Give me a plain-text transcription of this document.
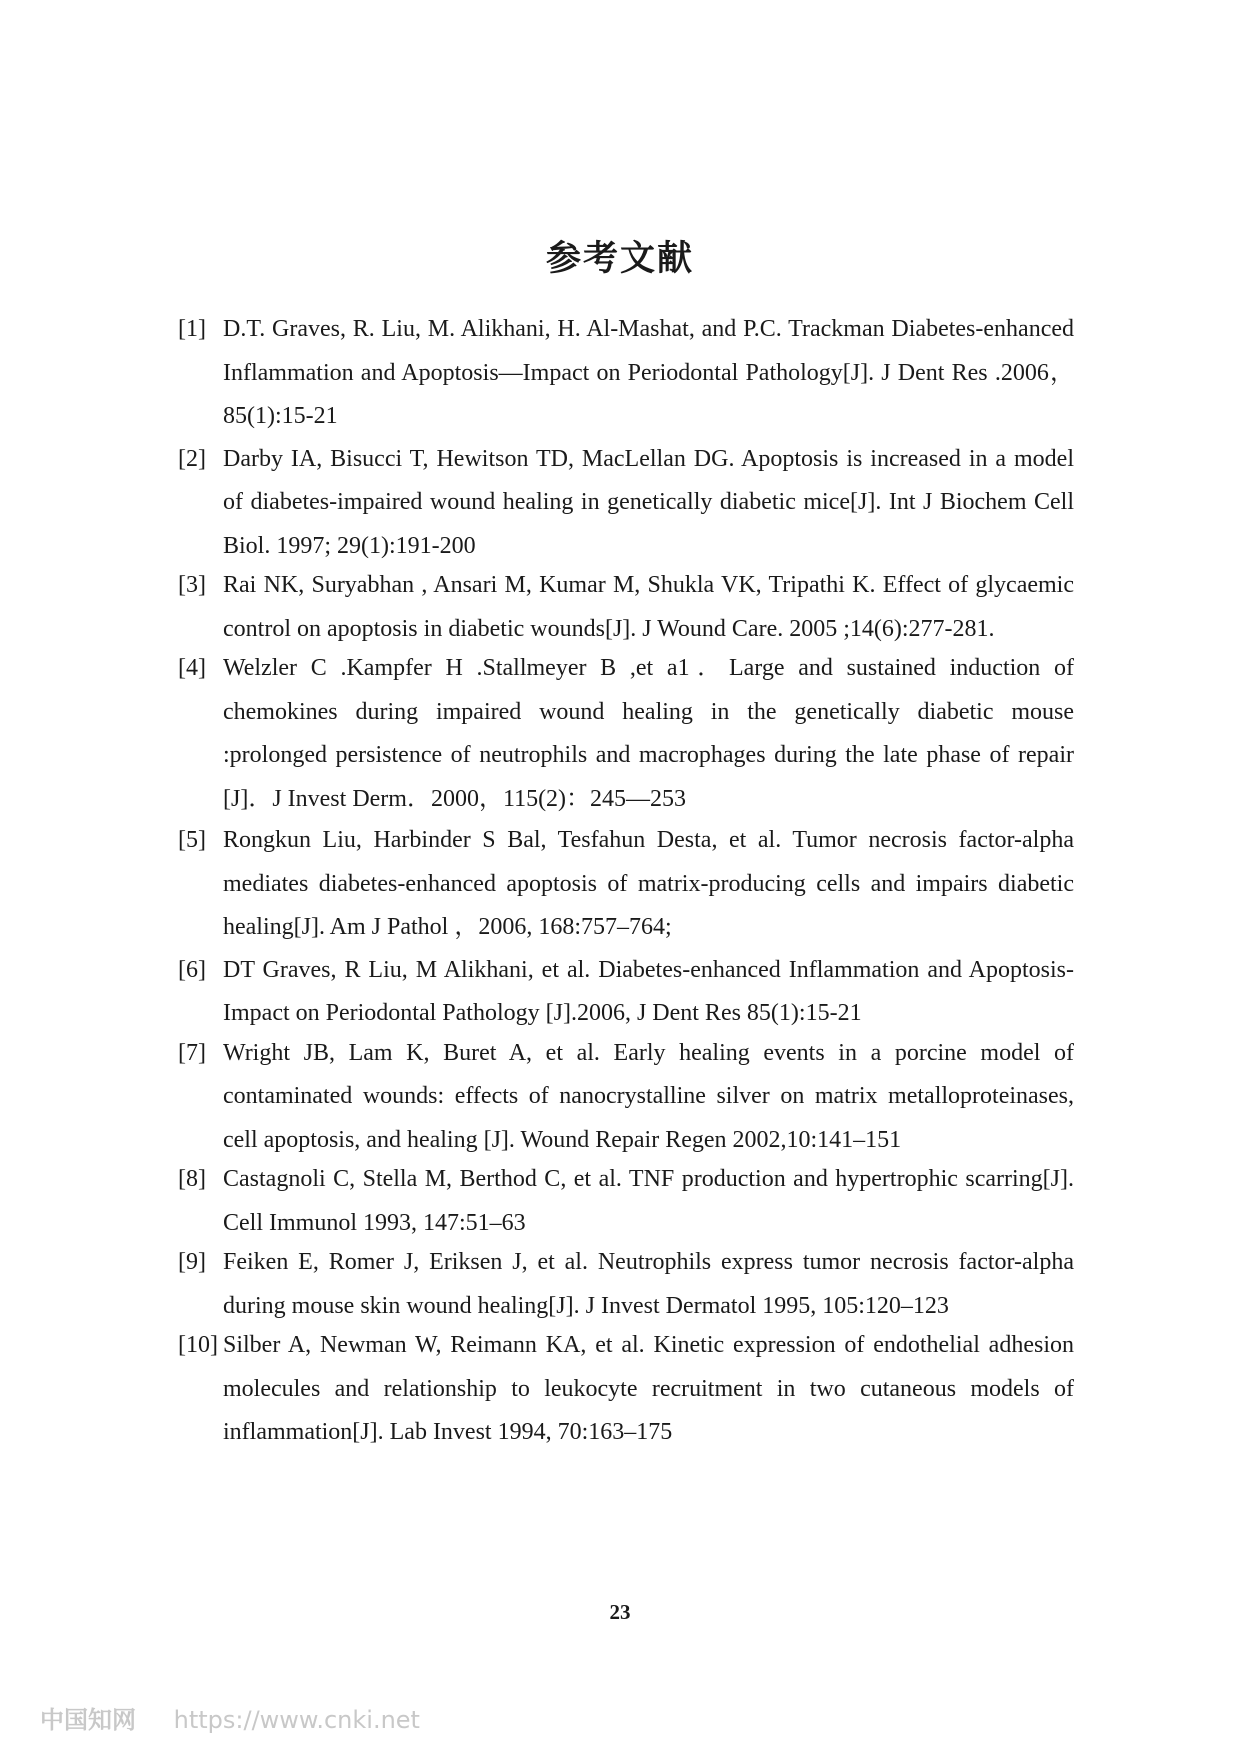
参考文献
[1] D.T. Graves, R. Liu, M. Alikhani, H. Al-Mashat, and P.C. Trackman Diabetes-enhanced Inflammation and Apoptosis—Impact on Periodontal Pathology[J]. J Dent Res .2006，85(1):15-21
[2] Darby IA, Bisucci T, Hewitson TD, MacLellan DG. Apoptosis is increased in a model of diabetes-impaired wound healing in genetically diabetic mice[J]. Int J Biochem Cell Biol. 1997; 29(1):191-200
[3] Rai NK, Suryabhan , Ansari M, Kumar M, Shukla VK, Tripathi K. Effect of glycaemic control on apoptosis in diabetic wounds[J]. J Wound Care. 2005 ;14(6):277-281.
[4] Welzler C .Kampfer H .Stallmeyer B ,et a1．Large and sustained induction of chemokines during impaired wound healing in the genetically diabetic mouse :prolonged persistence of neutrophils and macrophages during the late phase of repair [J]．J Invest Derm．2000，115(2)：245—253
[5] Rongkun Liu, Harbinder S Bal, Tesfahun Desta, et al. Tumor necrosis factor-alpha mediates diabetes-enhanced apoptosis of matrix-producing cells and impairs diabetic healing[J]. Am J Pathol ，2006, 168:757–764;
[6] DT Graves, R Liu, M Alikhani, et al. Diabetes-enhanced Inflammation and Apoptosis-Impact on Periodontal Pathology [J].2006, J Dent Res 85(1):15-21
[7] Wright JB, Lam K, Buret A, et al. Early healing events in a porcine model of contaminated wounds: effects of nanocrystalline silver on matrix metalloproteinases, cell apoptosis, and healing [J]. Wound Repair Regen 2002,10:141–151
[8] Castagnoli C, Stella M, Berthod C, et al. TNF production and hypertrophic scarring[J]. Cell Immunol 1993, 147:51–63
[9] Feiken E, Romer J, Eriksen J, et al. Neutrophils express tumor necrosis factor-alpha during mouse skin wound healing[J]. J Invest Dermatol 1995, 105:120–123
[10] Silber A, Newman W, Reimann KA, et al. Kinetic expression of endothelial adhesion molecules and relationship to leukocyte recruitment in two cutaneous models of inflammation[J]. Lab Invest 1994, 70:163–175
23
中国知网 https://www.cnki.net
